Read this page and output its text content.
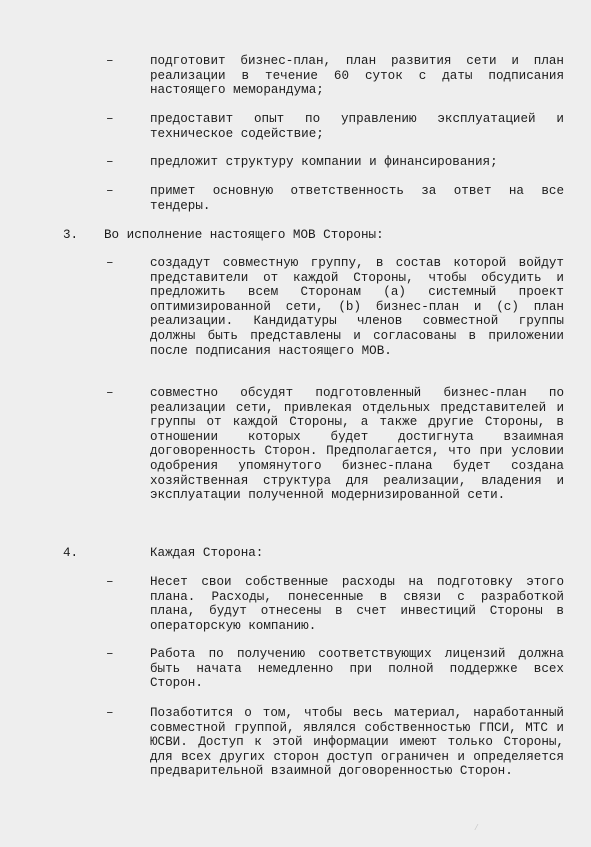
–	подготовит бизнес-план, план развития сети и план реализации в течение 60 суток с даты подписания настоящего меморандума;
–	предоставит опыт по управлению эксплуатацией и техническое содействие;
–	предложит структуру компании и финансирования;
–	примет основную ответственность за ответ на все тендеры.
3. Во исполнение настоящего МОВ Стороны:
–	создадут совместную группу, в состав которой войдут представители от каждой Стороны, чтобы обсудить и предложить всем Сторонам (a) системный проект оптимизированной сети, (b) бизнес-план и (c) план реализации. Кандидатуры членов совместной группы должны быть представлены и согласованы в приложении после подписания настоящего МОВ.
–	совместно обсудят подготовленный бизнес-план по реализации сети, привлекая отдельных представителей и группы от каждой Стороны, а также другие Стороны, в отношении которых будет достигнута взаимная договоренность Сторон. Предполагается, что при условии одобрения упомянутого бизнес-плана будет создана хозяйственная структура для реализации, владения и эксплуатации полученной модернизированной сети.
4.	Каждая Сторона:
–	Несет свои собственные расходы на подготовку этого плана. Расходы, понесенные в связи с разработкой плана, будут отнесены в счет инвестиций Стороны в операторскую компанию.
–	Работа по получению соответствующих лицензий должна быть начата немедленно при полной поддержке всех Сторон.
–	Позаботится о том, чтобы весь материал, наработанный совместной группой, являлся собственностью ГПСИ, МТС и ЮСВИ. Доступ к этой информации имеют только Стороны, для всех других сторон доступ ограничен и определяется предварительной взаимной договоренностью Сторон.
/
